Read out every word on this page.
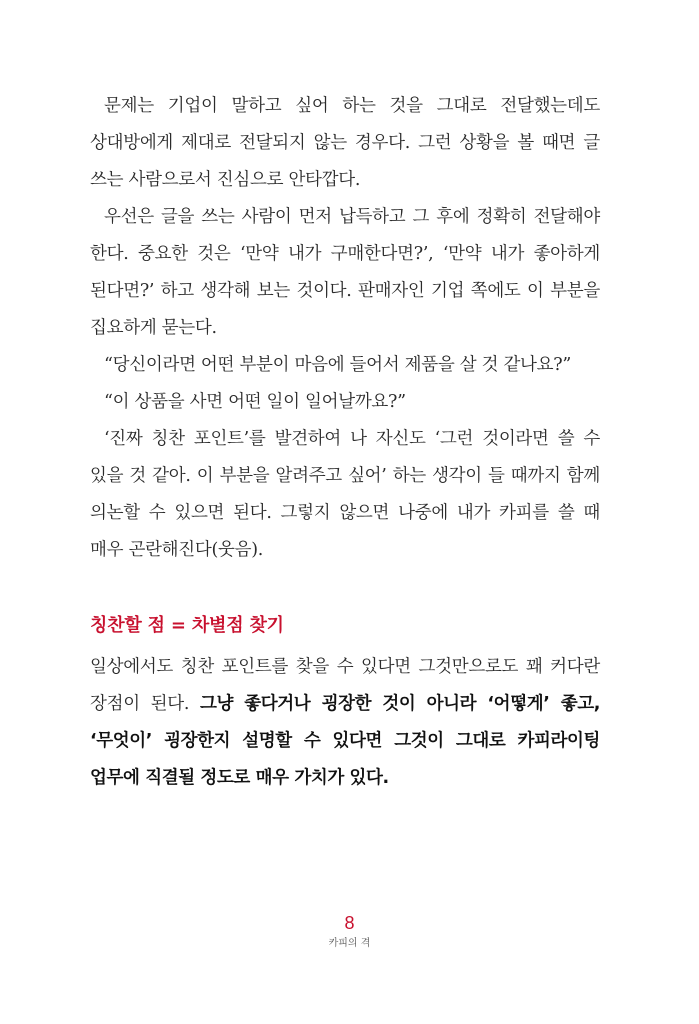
문제는 기업이 말하고 싶어 하는 것을 그대로 전달했는데도 상대방에게 제대로 전달되지 않는 경우다. 그런 상황을 볼 때면 글 쓰는 사람으로서 진심으로 안타깝다.

우선은 글을 쓰는 사람이 먼저 납득하고 그 후에 정확히 전달해야 한다. 중요한 것은 ‘만약 내가 구매한다면?’, ‘만약 내가 좋아하게 된다면?’ 하고 생각해 보는 것이다. 판매자인 기업 쪽에도 이 부분을 집요하게 묻는다.

“당신이라면 어떤 부분이 마음에 들어서 제품을 살 것 같나요?”

“이 상품을 사면 어떤 일이 일어날까요?”

‘진짜 칭찬 포인트’를 발견하여 나 자신도 ‘그런 것이라면 쓸 수 있을 것 같아. 이 부분을 알려주고 싶어’ 하는 생각이 들 때까지 함께 의논할 수 있으면 된다. 그렇지 않으면 나중에 내가 카피를 쓸 때 매우 곤란해진다(웃음).

칭찬할 점 = 차별점 찾기

일상에서도 칭찬 포인트를 찾을 수 있다면 그것만으로도 꽤 커다란 장점이 된다. 그냥 좋다거나 굉장한 것이 아니라 ‘어떻게’ 좋고, ‘무엇이’ 굉장한지 설명할 수 있다면 그것이 그대로 카피라이팅 업무에 직결될 정도로 매우 가치가 있다.

8
카피의 격
